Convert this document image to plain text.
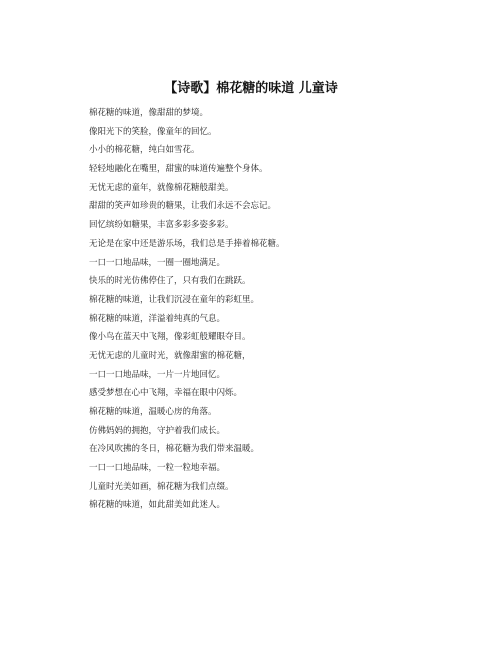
【诗歌】棉花糖的味道 儿童诗
棉花糖的味道，像甜甜的梦境。
像阳光下的笑脸，像童年的回忆。
小小的棉花糖，纯白如雪花。
轻轻地融化在嘴里，甜蜜的味道传遍整个身体。
无忧无虑的童年，就像棉花糖般甜美。
甜甜的笑声如珍贵的糖果，让我们永远不会忘记。
回忆缤纷如糖果，丰富多彩多姿多彩。
无论是在家中还是游乐场，我们总是手捧着棉花糖。
一口一口地品味，一圈一圈地满足。
快乐的时光仿佛停住了，只有我们在跳跃。
棉花糖的味道，让我们沉浸在童年的彩虹里。
棉花糖的味道，洋溢着纯真的气息。
像小鸟在蓝天中飞翔，像彩虹般耀眼夺目。
无忧无虑的儿童时光，就像甜蜜的棉花糖，
一口一口地品味，一片一片地回忆。
感受梦想在心中飞翔，幸福在眼中闪烁。
棉花糖的味道，温暖心房的角落。
仿佛妈妈的拥抱，守护着我们成长。
在冷风吹拂的冬日，棉花糖为我们带来温暖。
一口一口地品味，一粒一粒地幸福。
儿童时光美如画，棉花糖为我们点缀。
棉花糖的味道，如此甜美如此迷人。
